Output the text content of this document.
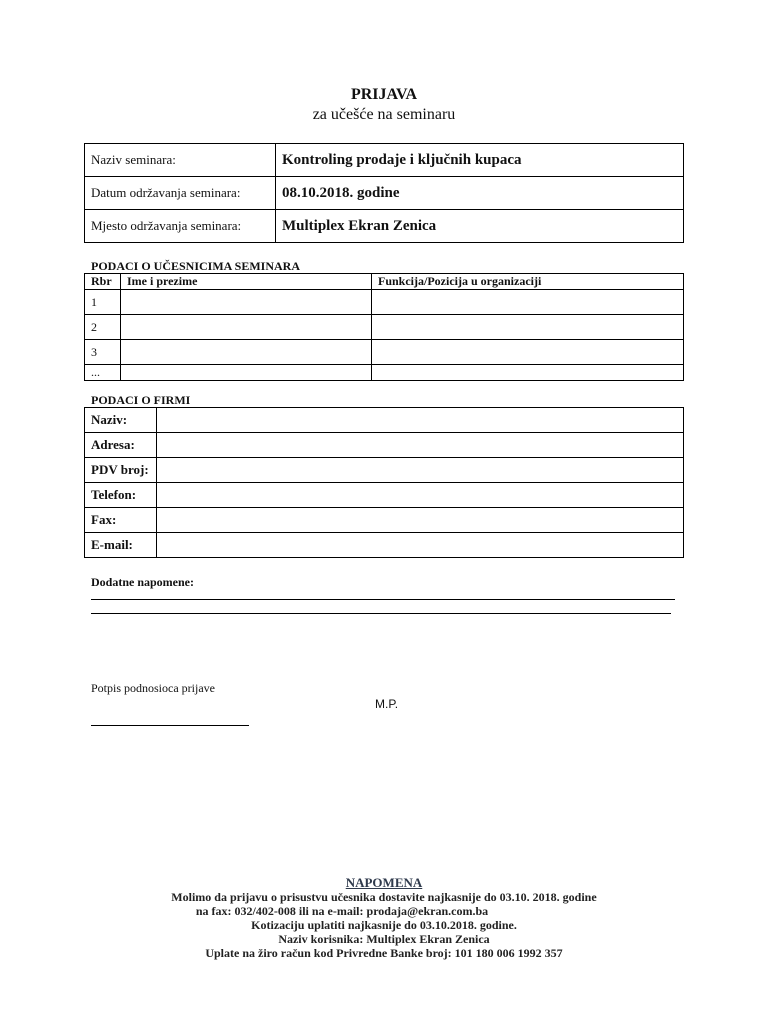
PRIJAVA
za učešće na seminaru
Naziv seminara:	Kontroling prodaje i ključnih kupaca
Datum održavanja seminara:	08.10.2018. godine
Mjesto održavanja seminara:	Multiplex Ekran Zenica
PODACI O UČESNICIMA SEMINARA
Rbr	Ime i prezime	Funkcija/Pozicija u organizaciji
1		
2		
3		
...		
PODACI O FIRMI
Naziv:	
Adresa:	
PDV broj:	
Telefon:	
Fax:	
E-mail:	
Dodatne napomene:
Potpis podnosioca prijave
M.P.
NAPOMENA
Molimo da prijavu o prisustvu učesnika dostavite najkasnije do 03.10. 2018. godine
na fax: 032/402-008 ili na e-mail: prodaja@ekran.com.ba
Kotizaciju uplatiti najkasnije do 03.10.2018. godine.
Naziv korisnika: Multiplex Ekran Zenica
Uplate na žiro račun kod Privredne Banke broj: 101 180 006 1992 357
